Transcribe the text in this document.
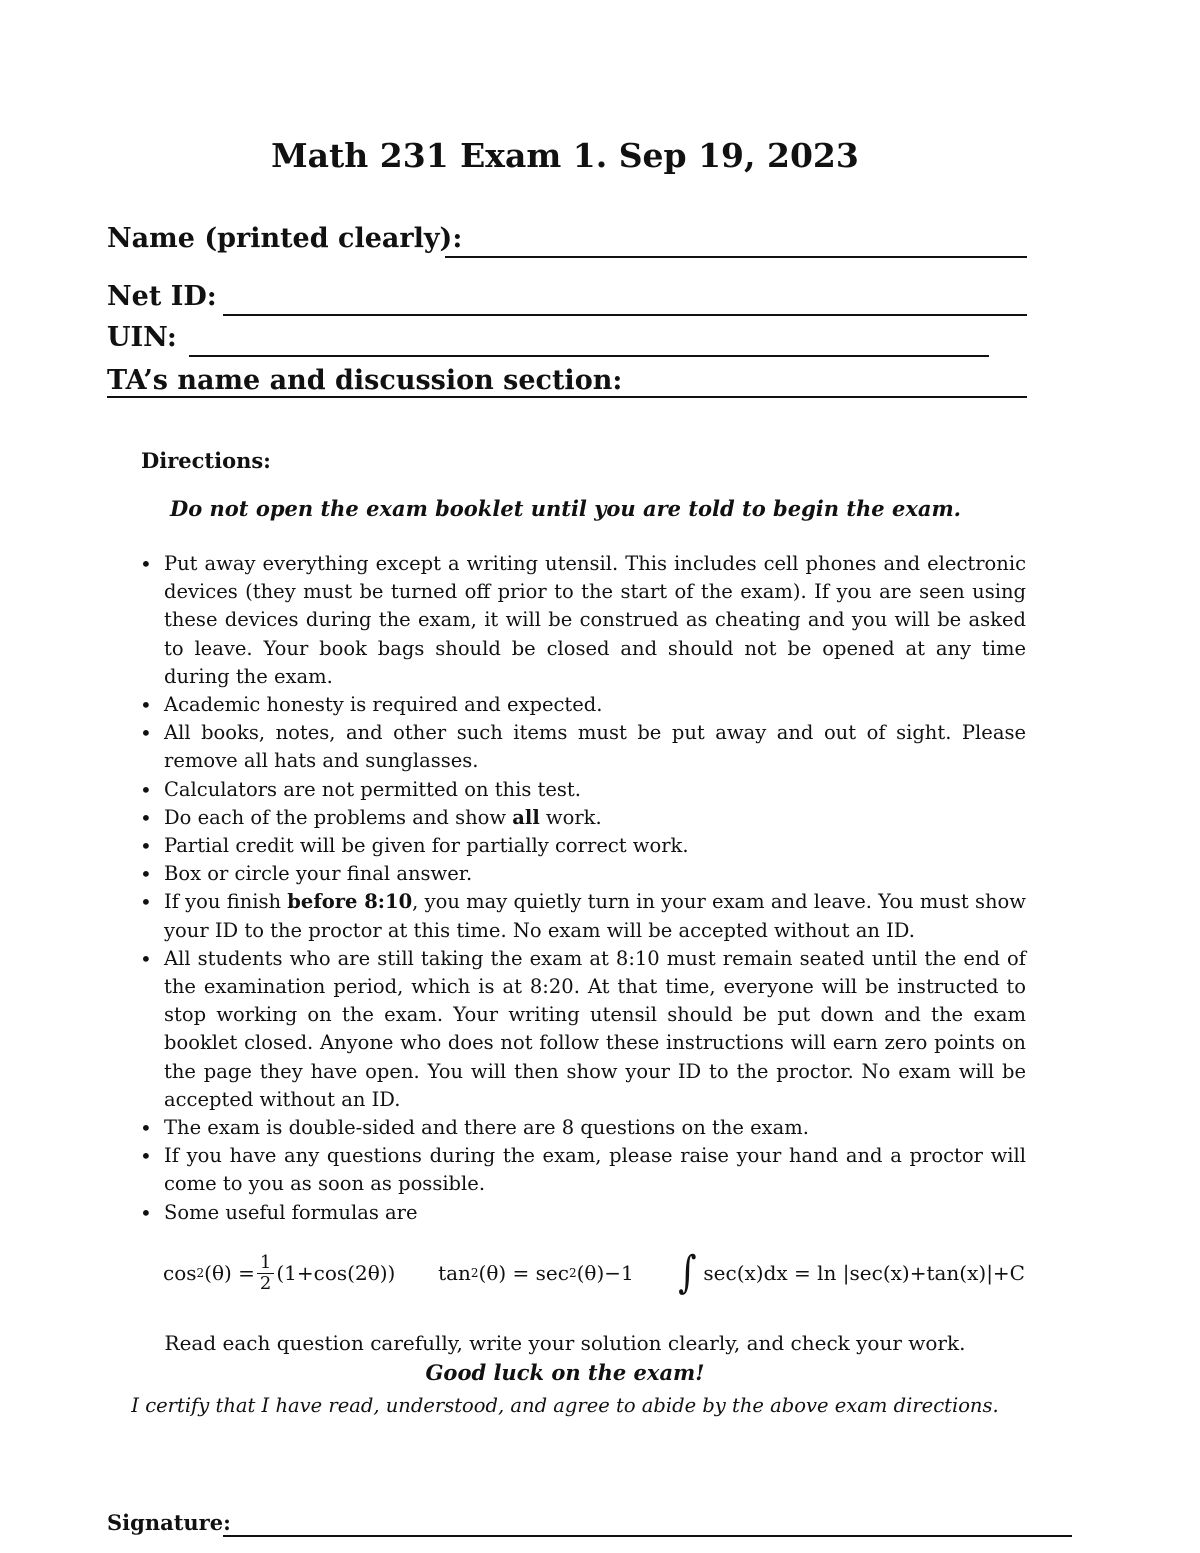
Math 231 Exam 1. Sep 19, 2023
Name (printed clearly):
Net ID:
UIN:
TA’s name and discussion section:
Directions:
Do not open the exam booklet until you are told to begin the exam.
• Put away everything except a writing utensil. This includes cell phones and electronic devices (they must be turned off prior to the start of the exam). If you are seen using these devices during the exam, it will be construed as cheating and you will be asked to leave. Your book bags should be closed and should not be opened at any time during the exam.
• Academic honesty is required and expected.
• All books, notes, and other such items must be put away and out of sight. Please remove all hats and sunglasses.
• Calculators are not permitted on this test.
• Do each of the problems and show all work.
• Partial credit will be given for partially correct work.
• Box or circle your final answer.
• If you finish before 8:10, you may quietly turn in your exam and leave. You must show your ID to the proctor at this time. No exam will be accepted without an ID.
• All students who are still taking the exam at 8:10 must remain seated until the end of the examination period, which is at 8:20. At that time, everyone will be instructed to stop working on the exam. Your writing utensil should be put down and the exam booklet closed. Anyone who does not follow these instructions will earn zero points on the page they have open. You will then show your ID to the proctor. No exam will be accepted without an ID.
• The exam is double-sided and there are 8 questions on the exam.
• If you have any questions during the exam, please raise your hand and a proctor will come to you as soon as possible.
• Some useful formulas are
cos 2 $(\theta) = \frac{1}{2} (1+\cos(2\theta))$ tan 2 (θ) = sec 2 (θ)−1 ∫ sec(x)dx = ln |sec(x)+tan(x)|+C
Read each question carefully, write your solution clearly, and check your work.
Good luck on the exam!
I certify that I have read, understood, and agree to abide by the above exam directions.
Signature:
